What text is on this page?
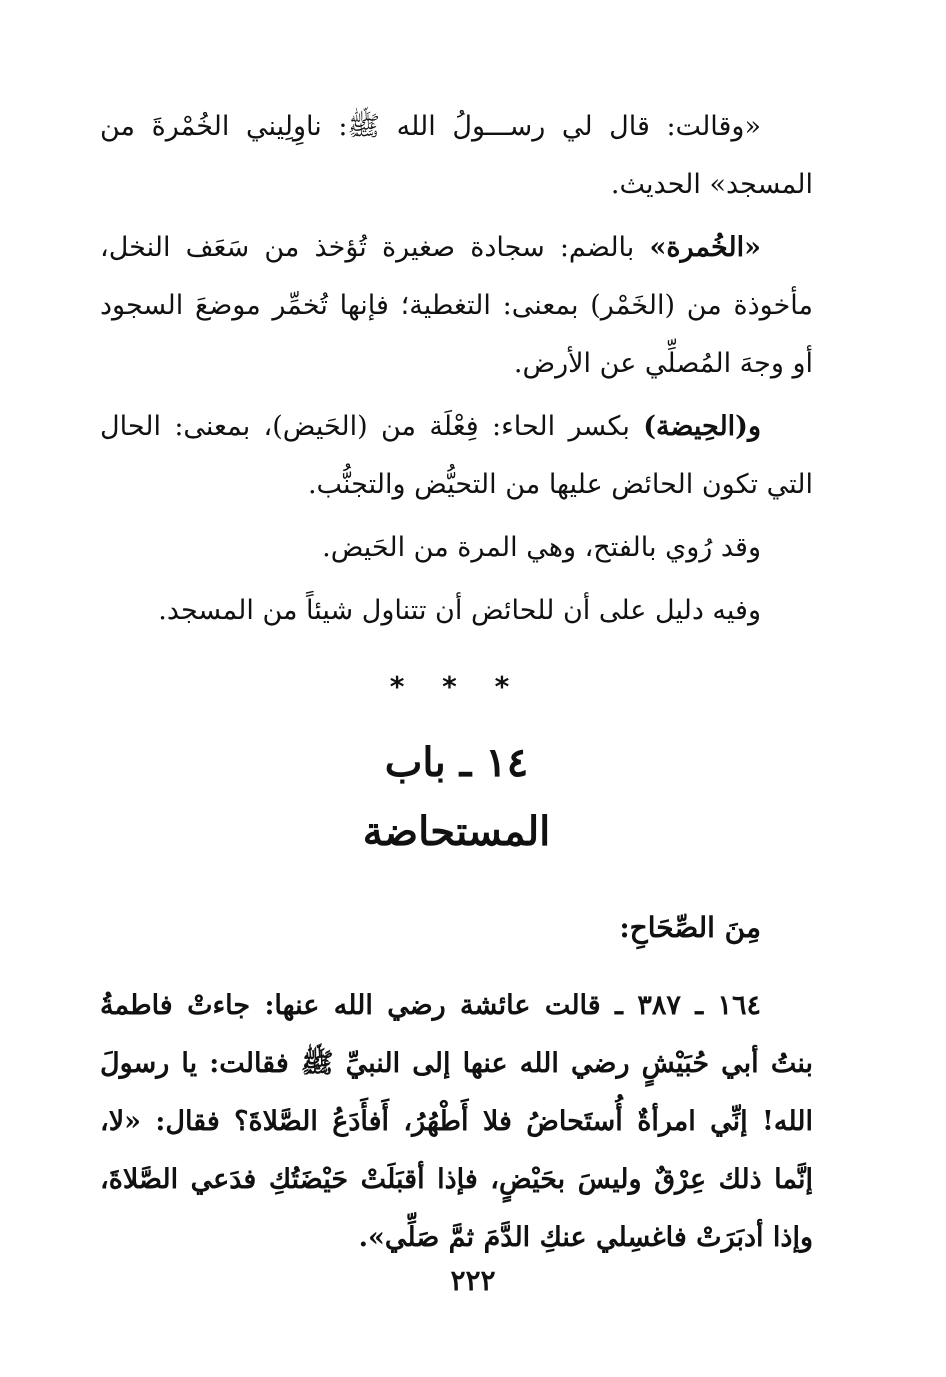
«وقالت: قال لي رســـولُ الله ﷺ: ناوِلِيني الخُمْرةَ من المسجد» الحديث.

«الخُمرة» بالضم: سجادة صغيرة تُؤخذ من سَعَف النخل، مأخوذة من (الخَمْر) بمعنى: التغطية؛ فإنها تُخمِّر موضعَ السجود أو وجهَ المُصلِّي عن الأرض.

و(الحِيضة) بكسر الحاء: فِعْلَة من (الحَيض)، بمعنى: الحال التي تكون الحائض عليها من التحيُّض والتجنُّب.

وقد رُوي بالفتح، وهي المرة من الحَيض.

وفيه دليل على أن للحائض أن تتناول شيئاً من المسجد.

* * *
١٤ ـ باب
المستحاضة
مِنَ الصِّحَاحِ:

١٦٤ ـ ٣٨٧ ـ قالت عائشة رضي الله عنها: جاءتْ فاطمةُ بنتُ أبي حُبَيْشٍ رضي الله عنها إلى النبيِّ ﷺ فقالت: يا رسولَ الله! إنِّي امرأةٌ أُستَحاضُ فلا أَطْهُرُ، أَفأَدَعُ الصَّلاةَ؟ فقال: «لا، إنَّما ذلك عِرْقٌ وليسَ بحَيْضٍ، فإذا أقبَلَتْ حَيْضَتُكِ فدَعي الصَّلاةَ، وإذا أدبَرَتْ فاغسِلي عنكِ الدَّمَ ثمَّ صَلِّي».

٢٢٢
